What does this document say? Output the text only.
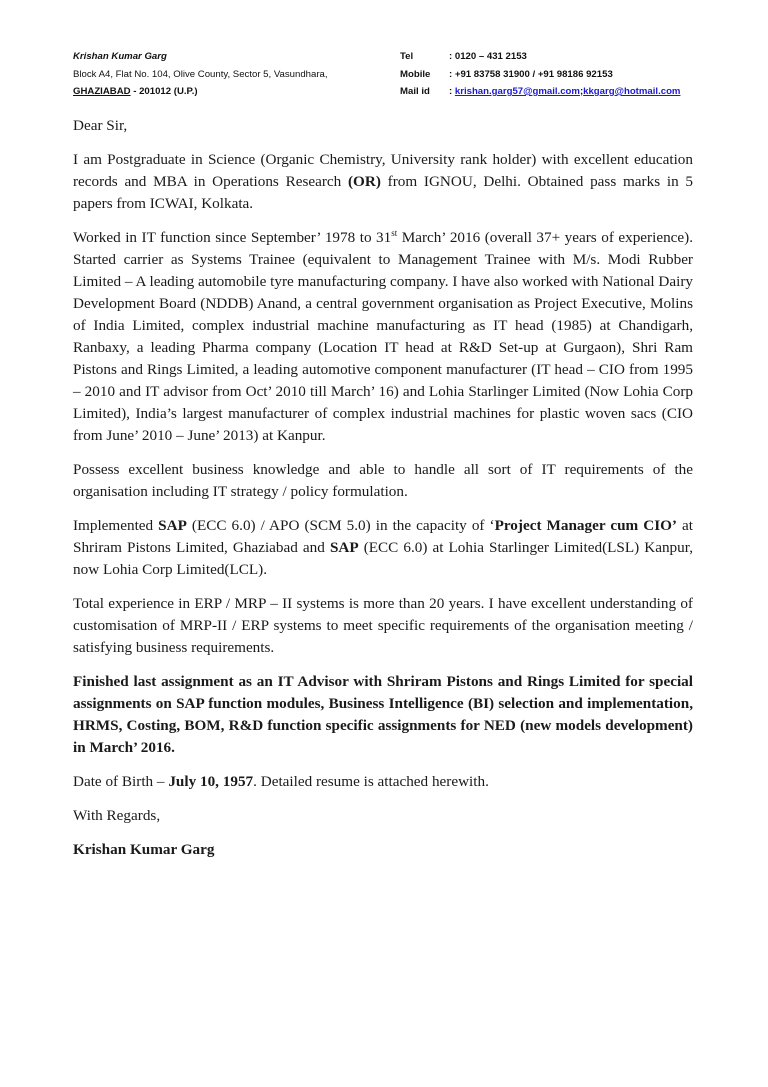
Krishan Kumar Garg
Block A4, Flat No. 104, Olive County, Sector 5, Vasundhara,
GHAZIABAD - 201012 (U.P.)
Tel	: 0120 – 431 2153
Mobile : +91 83758 31900 / +91 98186 92153
Mail id : krishan.garg57@gmail.com;kkgarg@hotmail.com

Dear Sir,

I am Postgraduate in Science (Organic Chemistry, University rank holder) with excellent education records and MBA in Operations Research (OR) from IGNOU, Delhi. Obtained pass marks in 5 papers from ICWAI, Kolkata.

Worked in IT function since September’ 1978 to 31st March’ 2016 (overall 37+ years of experience). Started carrier as Systems Trainee (equivalent to Management Trainee with M/s. Modi Rubber Limited – A leading automobile tyre manufacturing company. I have also worked with National Dairy Development Board (NDDB) Anand, a central government organisation as Project Executive, Molins of India Limited, complex industrial machine manufacturing as IT head (1985) at Chandigarh, Ranbaxy, a leading Pharma company (Location IT head at R&D Set-up at Gurgaon), Shri Ram Pistons and Rings Limited, a leading automotive component manufacturer (IT head – CIO from 1995 – 2010 and IT advisor from Oct’ 2010 till March’ 16) and Lohia Starlinger Limited (Now Lohia Corp Limited), India’s largest manufacturer of complex industrial machines for plastic woven sacs (CIO from June’ 2010 – June’ 2013) at Kanpur.

Possess excellent business knowledge and able to handle all sort of IT requirements of the organisation including IT strategy / policy formulation.

Implemented SAP (ECC 6.0) / APO (SCM 5.0) in the capacity of ‘Project Manager cum CIO’ at Shriram Pistons Limited, Ghaziabad and SAP (ECC 6.0) at Lohia Starlinger Limited(LSL) Kanpur, now Lohia Corp Limited(LCL).

Total experience in ERP / MRP – II systems is more than 20 years. I have excellent understanding of customisation of MRP-II / ERP systems to meet specific requirements of the organisation meeting / satisfying business requirements.

Finished last assignment as an IT Advisor with Shriram Pistons and Rings Limited for special assignments on SAP function modules, Business Intelligence (BI) selection and implementation, HRMS, Costing, BOM, R&D function specific assignments for NED (new models development) in March’ 2016.

Date of Birth – July 10, 1957. Detailed resume is attached herewith.

With Regards,

Krishan Kumar Garg
